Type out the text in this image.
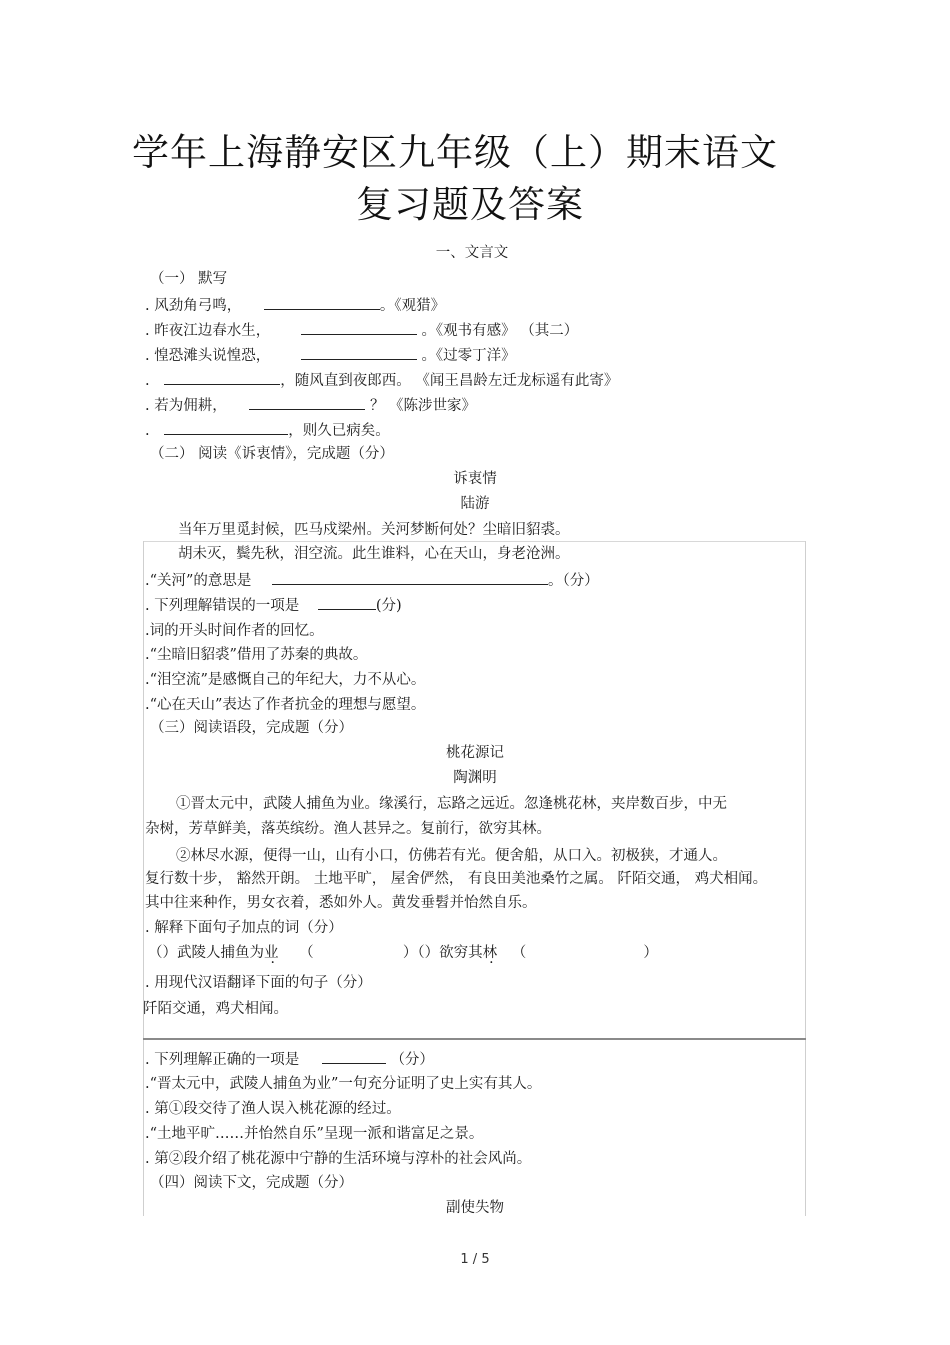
学年上海静安区九年级（上）期末语文
复习题及答案
一、文言文
（一） 默写
. 风劲角弓鸣，	。《观猎》
. 昨夜江边春水生，	。《观书有感》 （其二）
. 惶恐滩头说惶恐，	。《过零丁洋》
.	，随风直到夜郎西。 《闻王昌龄左迁龙标遥有此寄》
. 若为佣耕，	？ 《陈涉世家》
.	，则久已病矣。
（二） 阅读《诉衷情》，完成题（分）
诉衷情
陆游
当年万里觅封候，匹马戍梁州。关河梦断何处？尘暗旧貂裘。
胡未灭，鬓先秋，泪空流。此生谁料，心在天山，身老沧洲。
.“关河”的意思是	。（分）
. 下列理解错误的一项是	(分)
.词的开头时间作者的回忆。
.“尘暗旧貂裘”借用了苏秦的典故。
.“泪空流”是感慨自己的年纪大，力不从心。
.“心在天山”表达了作者抗金的理想与愿望。
（三）阅读语段，完成题（分）
桃花源记
陶渊明
①晋太元中，武陵人捕鱼为业。缘溪行，忘路之远近。忽逢桃花林，夹岸数百步，中无
杂树，芳草鲜美，落英缤纷。渔人甚异之。复前行，欲穷其林。
②林尽水源，便得一山，山有小口，仿佛若有光。便舍船，从口入。初极狭，才通人。
复行数十步， 豁然开朗。 土地平旷， 屋舍俨然， 有良田美池桑竹之属。 阡陌交通， 鸡犬相闻。
其中往来种作，男女衣着，悉如外人。黄发垂髫并怡然自乐。
. 解释下面句子加点的词（分）
（）武陵人捕鱼为业 （	）（）欲穷其林 （	）
. 用现代汉语翻译下面的句子（分）
阡陌交通，鸡犬相闻。
. 下列理解正确的一项是	（分）
.“晋太元中，武陵人捕鱼为业”一句充分证明了史上实有其人。
. 第①段交待了渔人误入桃花源的经过。
.“土地平旷……并怡然自乐”呈现一派和谐富足之景。
. 第②段介绍了桃花源中宁静的生活环境与淳朴的社会风尚。
（四）阅读下文，完成题（分）
副使失物
1 / 5
